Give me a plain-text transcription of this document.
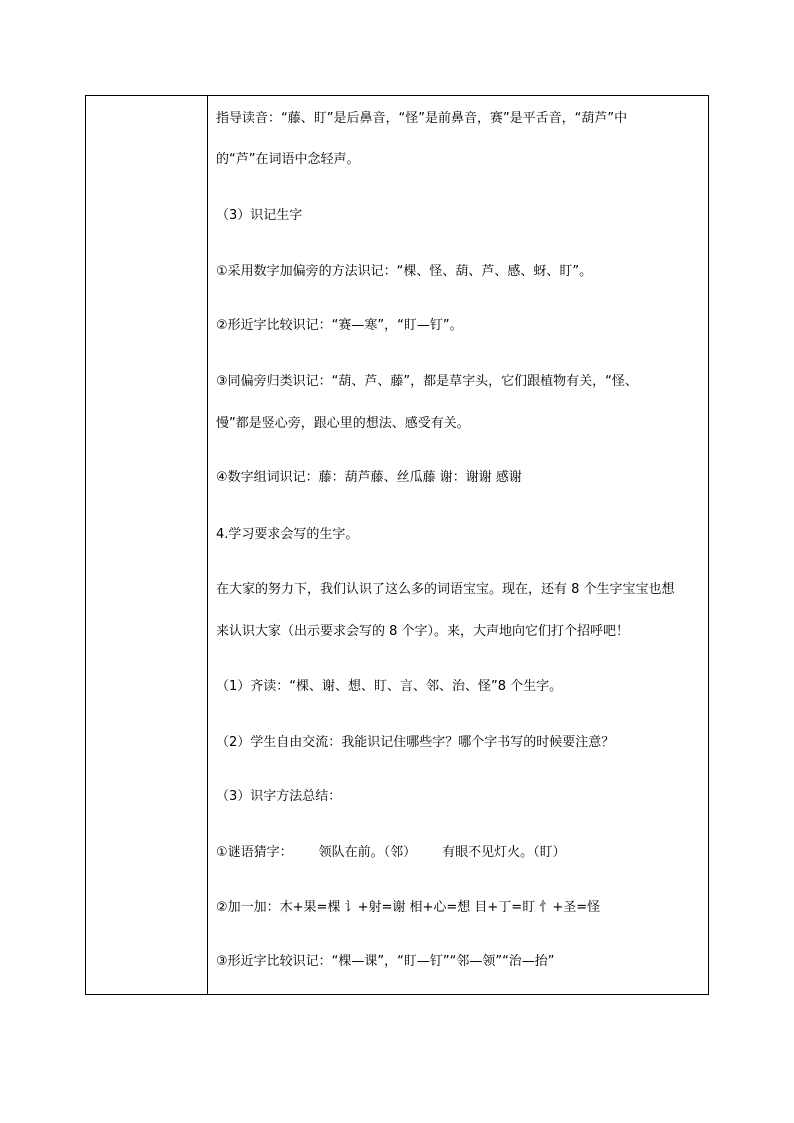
指导读音：“藤、盯”是后鼻音，“怪”是前鼻音，赛”是平舌音，“葫芦”中
的“芦”在词语中念轻声。
（3）识记生字
①采用数字加偏旁的方法识记：“棵、怪、葫、芦、感、蚜、盯”。
②形近字比较识记：“赛—寒”，“盯—钉”。
③同偏旁归类识记：“葫、芦、藤”，都是草字头，它们跟植物有关，“怪、
慢”都是竖心旁，跟心里的想法、感受有关。
④数字组词识记：藤：葫芦藤、丝瓜藤 谢：谢谢 感谢
4.学习要求会写的生字。
在大家的努力下，我们认识了这么多的词语宝宝。现在，还有 8 个生字宝宝也想
来认识大家（出示要求会写的 8 个字）。来，大声地向它们打个招呼吧！
（1）齐读：“棵、谢、想、盯、言、邻、治、怪”8 个生字。
（2）学生自由交流：我能识记住哪些字？哪个字书写的时候要注意？
（3）识字方法总结：
①谜语猜字： 领队在前。（邻） 有眼不见灯火。（盯）
②加一加：木+果=棵 讠+射=谢 相+心=想 目+丁=盯 忄+圣=怪
③形近字比较识记：“棵—课”，“盯—钉”“邻—领”“治—抬”
